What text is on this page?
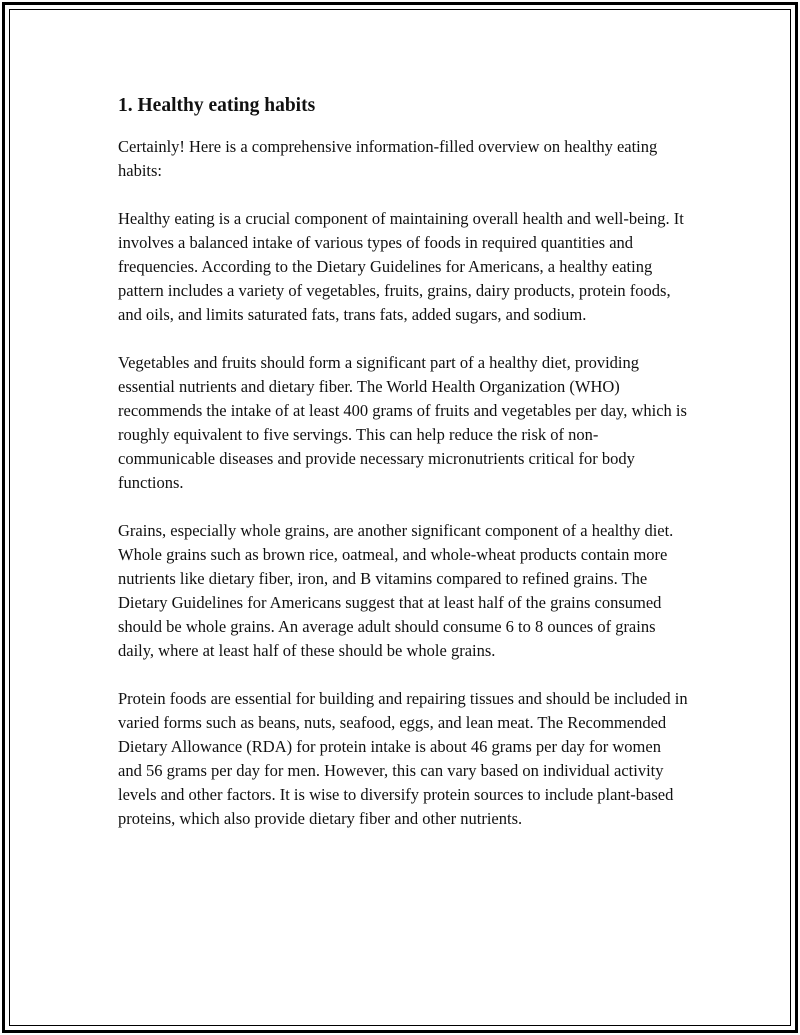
1. Healthy eating habits

Certainly! Here is a comprehensive information-filled overview on healthy eating habits:

Healthy eating is a crucial component of maintaining overall health and well-being. It involves a balanced intake of various types of foods in required quantities and frequencies. According to the Dietary Guidelines for Americans, a healthy eating pattern includes a variety of vegetables, fruits, grains, dairy products, protein foods, and oils, and limits saturated fats, trans fats, added sugars, and sodium.

Vegetables and fruits should form a significant part of a healthy diet, providing essential nutrients and dietary fiber. The World Health Organization (WHO) recommends the intake of at least 400 grams of fruits and vegetables per day, which is roughly equivalent to five servings. This can help reduce the risk of non-communicable diseases and provide necessary micronutrients critical for body functions.

Grains, especially whole grains, are another significant component of a healthy diet. Whole grains such as brown rice, oatmeal, and whole-wheat products contain more nutrients like dietary fiber, iron, and B vitamins compared to refined grains. The Dietary Guidelines for Americans suggest that at least half of the grains consumed should be whole grains. An average adult should consume 6 to 8 ounces of grains daily, where at least half of these should be whole grains.

Protein foods are essential for building and repairing tissues and should be included in varied forms such as beans, nuts, seafood, eggs, and lean meat. The Recommended Dietary Allowance (RDA) for protein intake is about 46 grams per day for women and 56 grams per day for men. However, this can vary based on individual activity levels and other factors. It is wise to diversify protein sources to include plant-based proteins, which also provide dietary fiber and other nutrients.
